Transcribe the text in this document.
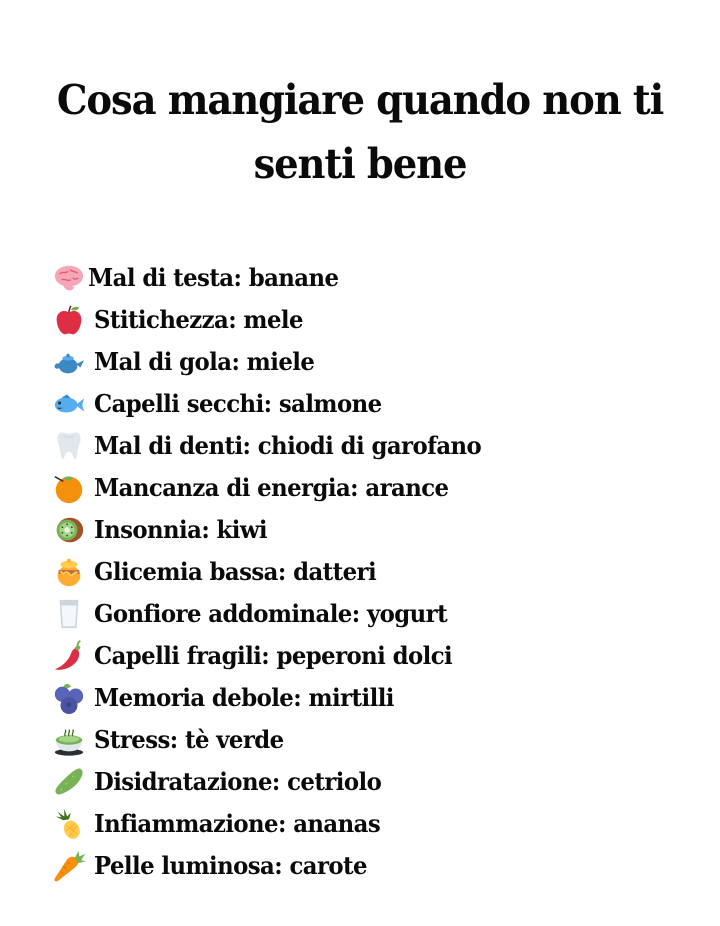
Cosa mangiare quando non ti
senti bene
Mal di testa: banane
Stitichezza: mele
Mal di gola: miele
Capelli secchi: salmone
Mal di denti: chiodi di garofano
Mancanza di energia: arance
Insonnia: kiwi
Glicemia bassa: datteri
Gonfiore addominale: yogurt
Capelli fragili: peperoni dolci
Memoria debole: mirtilli
Stress: tè verde
Disidratazione: cetriolo
Infiammazione: ananas
Pelle luminosa: carote
